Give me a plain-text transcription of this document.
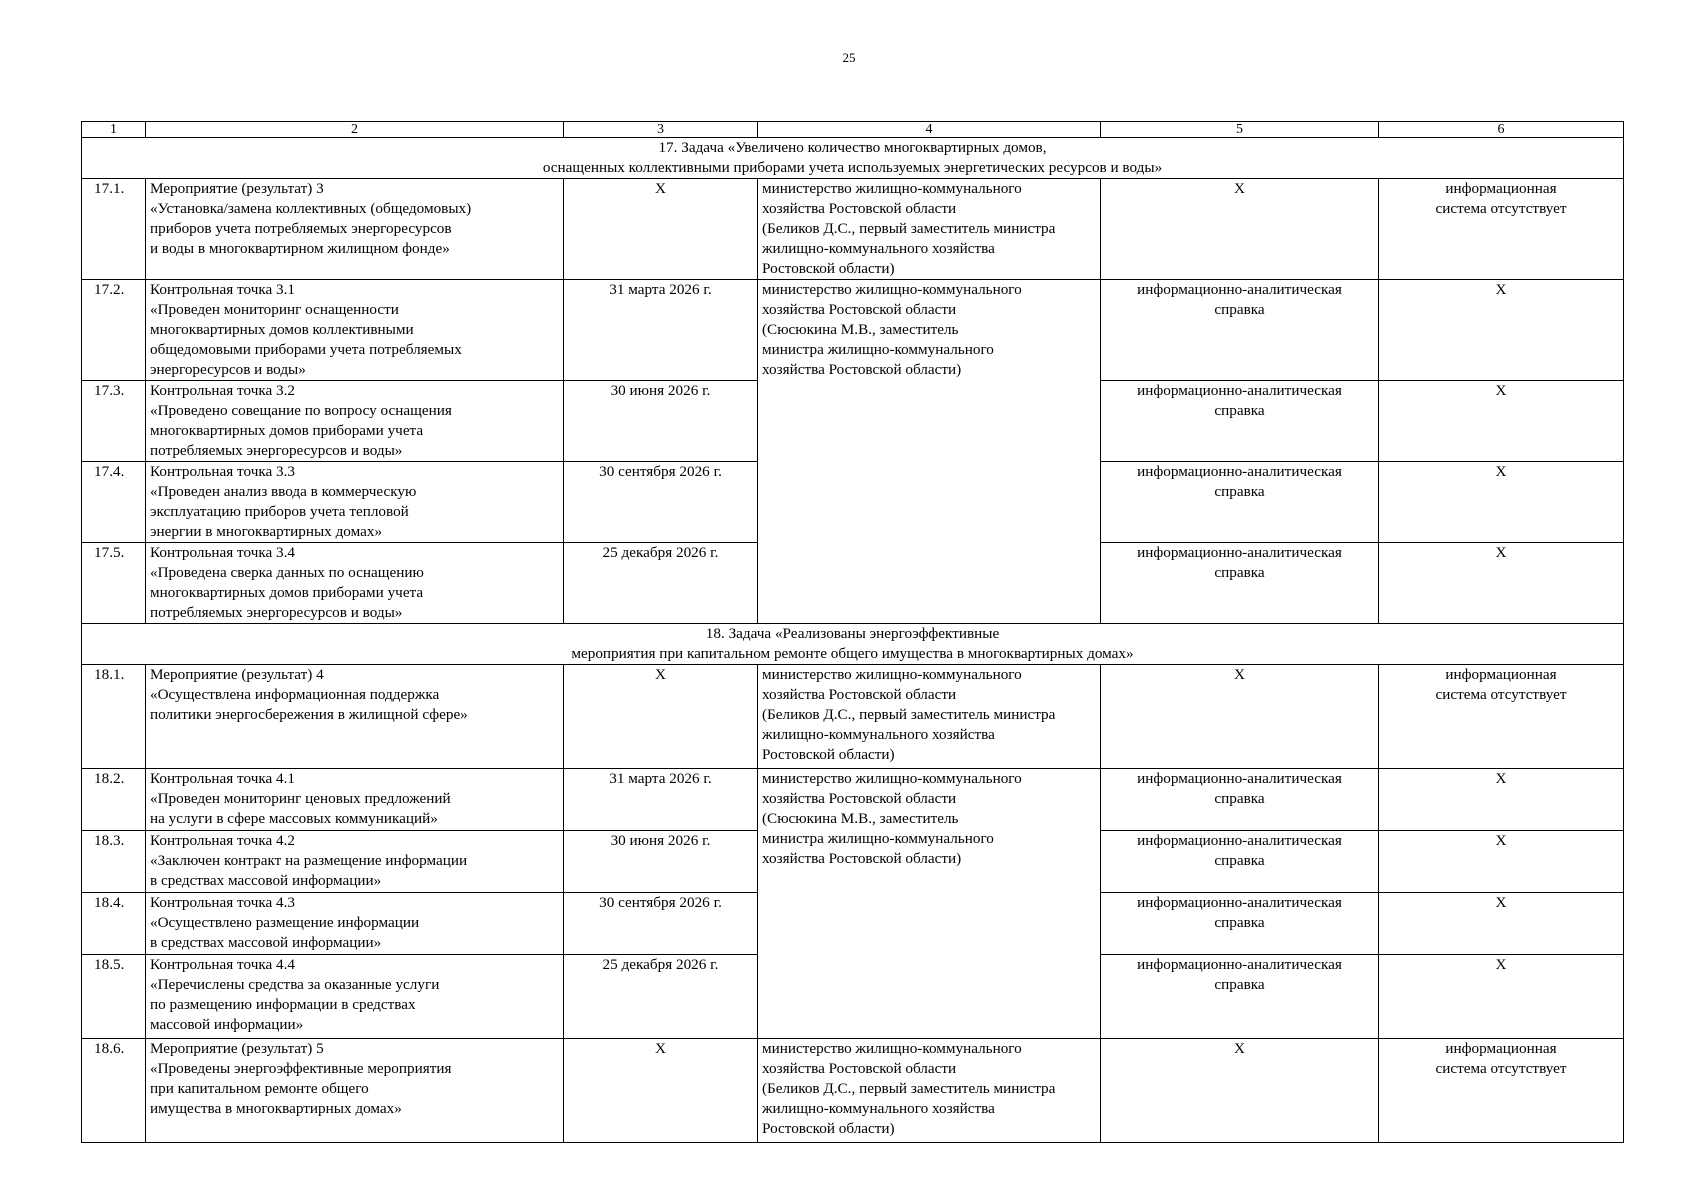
25
1	2	3	4	5	6
17. Задача «Увеличено количество многоквартирных домов,
оснащенных коллективными приборами учета используемых энергетических ресурсов и воды»					
17.1.	Мероприятие (результат) 3
«Установка/замена коллективных (общедомовых)
приборов учета потребляемых энергоресурсов
и воды в многоквартирном жилищном фонде»	X	министерство жилищно-коммунального
хозяйства Ростовской области
(Беликов Д.С., первый заместитель министра
жилищно-коммунального хозяйства
Ростовской области)	X	информационная
система отсутствует
17.2.	Контрольная точка 3.1
«Проведен мониторинг оснащенности
многоквартирных домов коллективными
общедомовыми приборами учета потребляемых
энергоресурсов и воды»	31 марта 2026 г.	министерство жилищно-коммунального
хозяйства Ростовской области
(Сюсюкина М.В., заместитель
министра жилищно-коммунального
хозяйства Ростовской области)	информационно-аналитическая
справка	X
17.3.	Контрольная точка 3.2
«Проведено совещание по вопросу оснащения
многоквартирных домов приборами учета
потребляемых энергоресурсов и воды»	30 июня 2026 г.		информационно-аналитическая
справка	X
17.4.	Контрольная точка 3.3
«Проведен анализ ввода в коммерческую
эксплуатацию приборов учета тепловой
энергии в многоквартирных домах»	30 сентября 2026 г.		информационно-аналитическая
справка	X
17.5.	Контрольная точка 3.4
«Проведена сверка данных по оснащению
многоквартирных домов приборами учета
потребляемых энергоресурсов и воды»	25 декабря 2026 г.		информационно-аналитическая
справка	X
18. Задача «Реализованы энергоэффективные
мероприятия при капитальном ремонте общего имущества в многоквартирных домах»					
18.1.	Мероприятие (результат) 4
«Осуществлена информационная поддержка
политики энергосбережения в жилищной сфере»	X	министерство жилищно-коммунального
хозяйства Ростовской области
(Беликов Д.С., первый заместитель министра
жилищно-коммунального хозяйства
Ростовской области)	X	информационная
система отсутствует
18.2.	Контрольная точка 4.1
«Проведен мониторинг ценовых предложений
на услуги в сфере массовых коммуникаций»	31 марта 2026 г.	министерство жилищно-коммунального
хозяйства Ростовской области
(Сюсюкина М.В., заместитель
министра жилищно-коммунального
хозяйства Ростовской области)	информационно-аналитическая
справка	X
18.3.	Контрольная точка 4.2
«Заключен контракт на размещение информации
в средствах массовой информации»	30 июня 2026 г.		информационно-аналитическая
справка	X
18.4.	Контрольная точка 4.3
«Осуществлено размещение информации
в средствах массовой информации»	30 сентября 2026 г.		информационно-аналитическая
справка	X
18.5.	Контрольная точка 4.4
«Перечислены средства за оказанные услуги
по размещению информации в средствах
массовой информации»	25 декабря 2026 г.		информационно-аналитическая
справка	X
18.6.	Мероприятие (результат) 5
«Проведены энергоэффективные мероприятия
при капитальном ремонте общего
имущества в многоквартирных домах»	X	министерство жилищно-коммунального
хозяйства Ростовской области
(Беликов Д.С., первый заместитель министра
жилищно-коммунального хозяйства
Ростовской области)	X	информационная
система отсутствует
